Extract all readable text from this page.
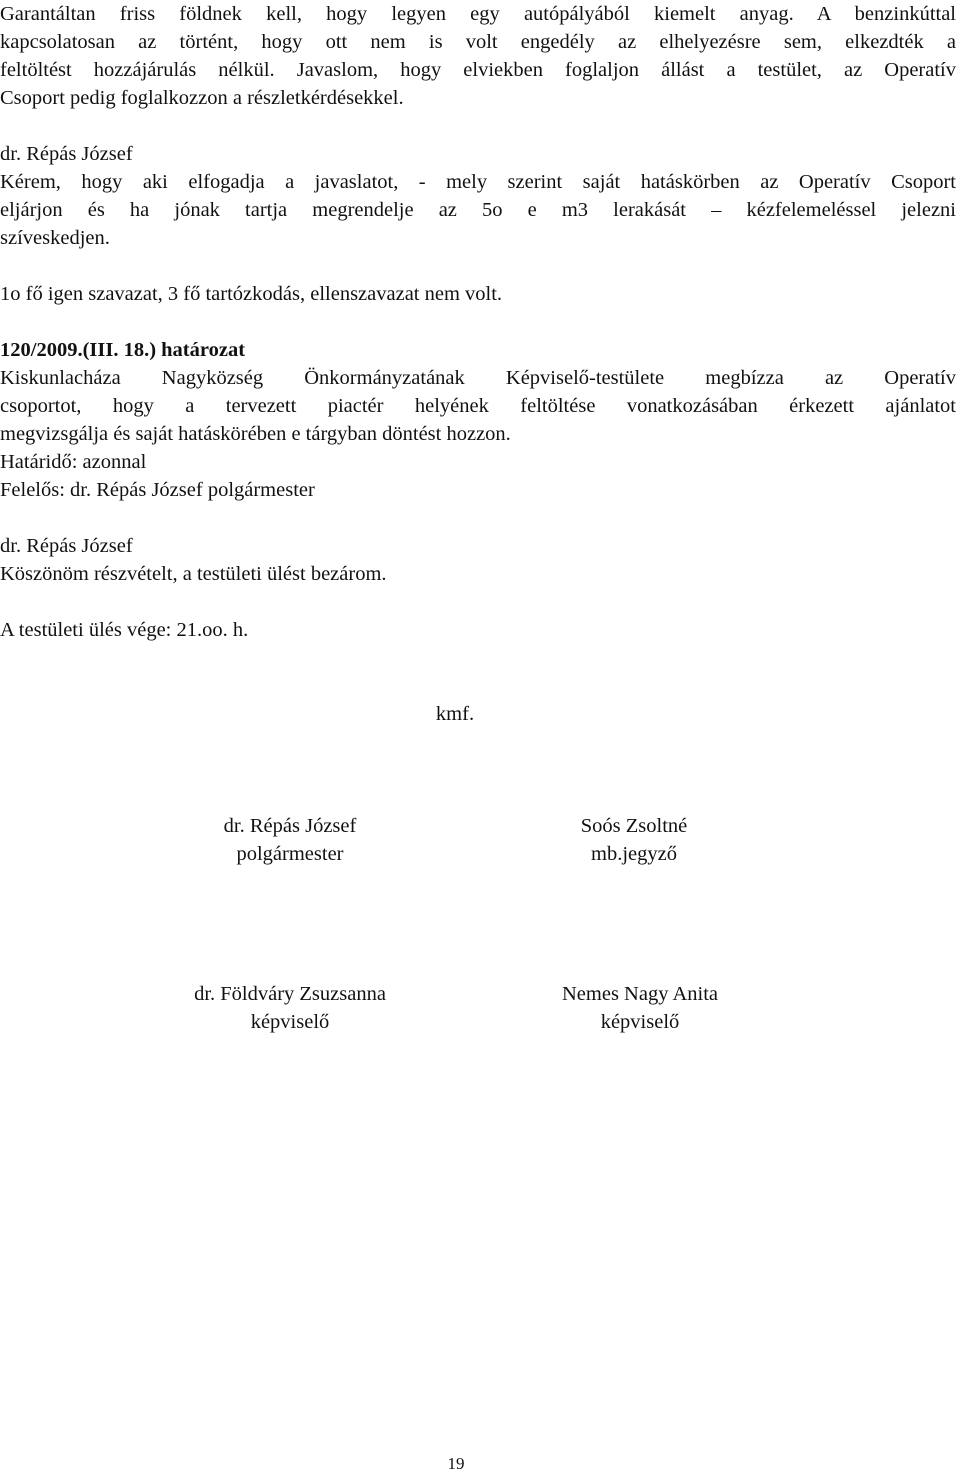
Garantáltan friss földnek kell, hogy legyen egy autópályából kiemelt anyag. A benzinkúttal
kapcsolatosan az történt, hogy ott nem is volt engedély az elhelyezésre sem, elkezdték a
feltöltést hozzájárulás nélkül. Javaslom, hogy elviekben foglaljon állást a testület, az Operatív
Csoport pedig foglalkozzon a részletkérdésekkel.
dr. Répás József
Kérem, hogy aki elfogadja a javaslatot, - mely szerint saját hatáskörben az Operatív Csoport
eljárjon és ha jónak tartja megrendelje az 5o e m3 lerakását – kézfelemeléssel jelezni
szíveskedjen.
1o fő igen szavazat, 3 fő tartózkodás, ellenszavazat nem volt.
120/2009.(III. 18.) határozat
Kiskunlacháza Nagyközség Önkormányzatának Képviselő-testülete megbízza az Operatív
csoportot, hogy a tervezett piactér helyének feltöltése vonatkozásában érkezett ajánlatot
megvizsgálja és saját hatáskörében e tárgyban döntést hozzon.
Határidő: azonnal
Felelős: dr. Répás József polgármester
dr. Répás József
Köszönöm részvételt, a testületi ülést bezárom.
A testületi ülés vége: 21.oo. h.
kmf.
dr. Répás József
polgármester
Soós Zsoltné
mb.jegyző
dr. Földváry Zsuzsanna
képviselő
Nemes Nagy Anita
képviselő
19
